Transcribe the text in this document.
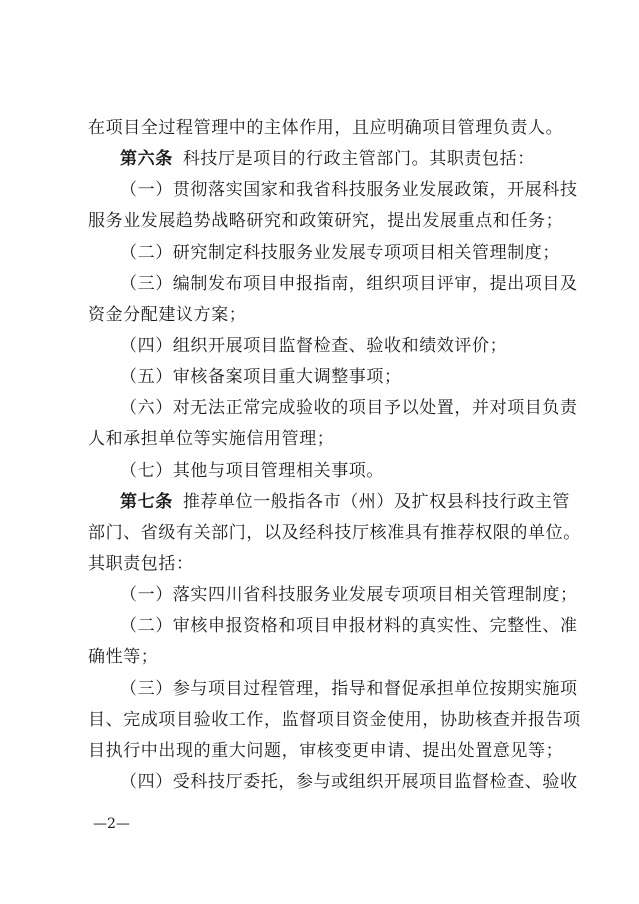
在项目全过程管理中的主体作用，且应明确项目管理负责人。
第六条 科技厅是项目的行政主管部门。其职责包括：
（一）贯彻落实国家和我省科技服务业发展政策，开展科技
服务业发展趋势战略研究和政策研究，提出发展重点和任务；
（二）研究制定科技服务业发展专项项目相关管理制度；
（三）编制发布项目申报指南，组织项目评审，提出项目及
资金分配建议方案；
（四）组织开展项目监督检查、验收和绩效评价；
（五）审核备案项目重大调整事项；
（六）对无法正常完成验收的项目予以处置，并对项目负责
人和承担单位等实施信用管理；
（七）其他与项目管理相关事项。
第七条 推荐单位一般指各市（州）及扩权县科技行政主管
部门、省级有关部门，以及经科技厅核准具有推荐权限的单位。
其职责包括：
（一）落实四川省科技服务业发展专项项目相关管理制度；
（二）审核申报资格和项目申报材料的真实性、完整性、准
确性等；
（三）参与项目过程管理，指导和督促承担单位按期实施项
目、完成项目验收工作，监督项目资金使用，协助核查并报告项
目执行中出现的重大问题，审核变更申请、提出处置意见等；
（四）受科技厅委托，参与或组织开展项目监督检查、验收
—2—
